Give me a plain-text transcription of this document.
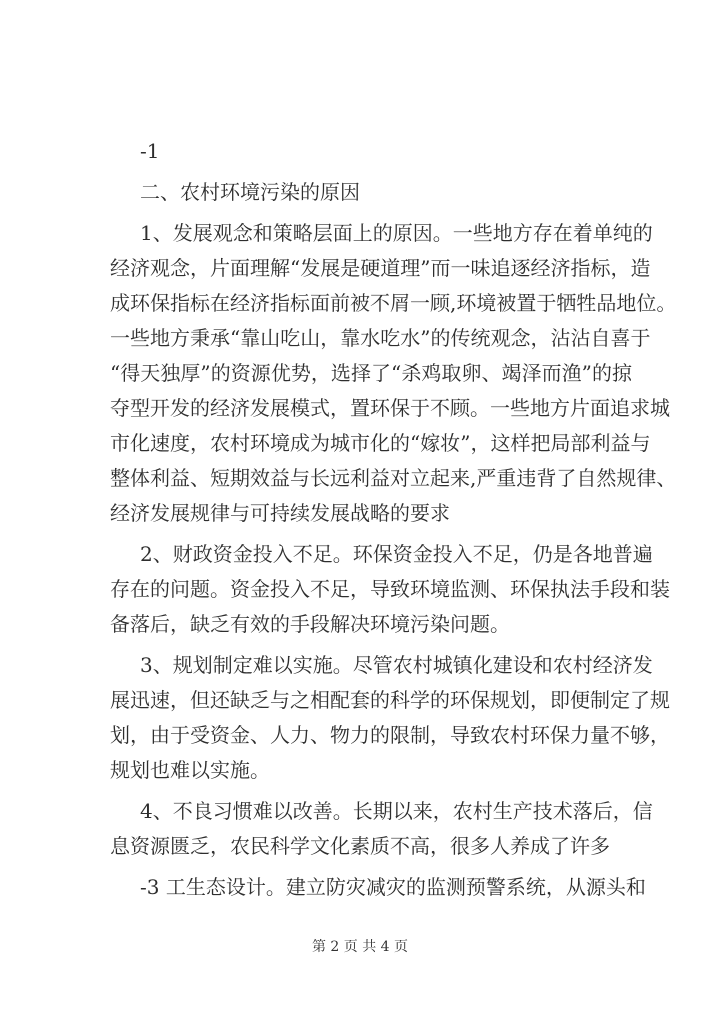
-1
二、农村环境污染的原因
1、发展观念和策略层面上的原因。一些地方存在着单纯的
经济观念，片面理解“发展是硬道理”而一味追逐经济指标，造
成环保指标在经济指标面前被不屑一顾,环境被置于牺牲品地位。
一些地方秉承“靠山吃山，靠水吃水”的传统观念，沾沾自喜于
“得天独厚”的资源优势，选择了“杀鸡取卵、竭泽而渔”的掠
夺型开发的经济发展模式，置环保于不顾。一些地方片面追求城
市化速度，农村环境成为城市化的“嫁妆”，这样把局部利益与
整体利益、短期效益与长远利益对立起来,严重违背了自然规律、
经济发展规律与可持续发展战略的要求
2、财政资金投入不足。环保资金投入不足，仍是各地普遍
存在的问题。资金投入不足，导致环境监测、环保执法手段和装
备落后，缺乏有效的手段解决环境污染问题。
3、规划制定难以实施。尽管农村城镇化建设和农村经济发
展迅速，但还缺乏与之相配套的科学的环保规划，即便制定了规
划，由于受资金、人力、物力的限制，导致农村环保力量不够，
规划也难以实施。
4、不良习惯难以改善。长期以来，农村生产技术落后，信
息资源匮乏，农民科学文化素质不高，很多人养成了许多
-3 工生态设计。建立防灾减灾的监测预警系统，从源头和
第 2 页 共 4 页
